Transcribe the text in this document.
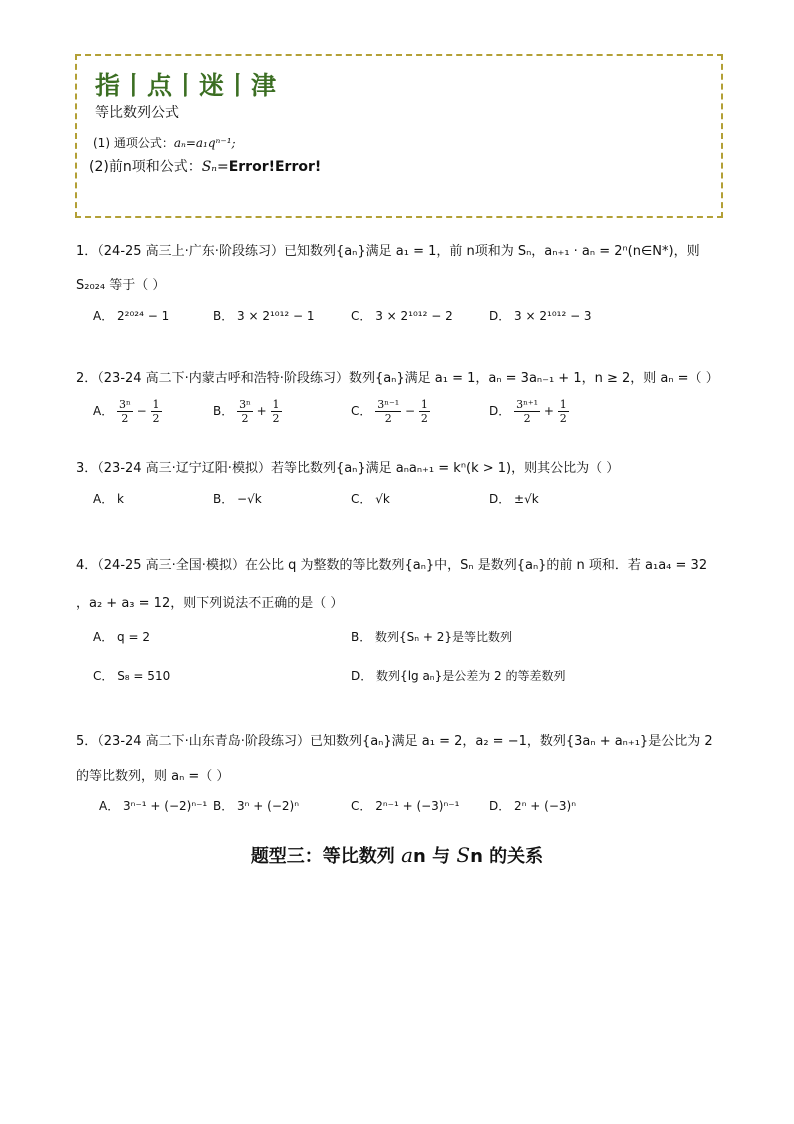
指丨点丨迷丨津
等比数列公式
(1) 通项公式：aₙ=a₁qⁿ⁻¹;
(2)前n项和公式：Sₙ=Error!Error!
1．（24-25 高三上·广东·阶段练习）已知数列{aₙ}满足 a₁ = 1，前 n项和为 Sₙ，aₙ₊₁ · aₙ = 2ⁿ(n∈N*)，则
S₂₀₂₄ 等于（ ）
A． 2²⁰²⁴ − 1	B． 3 × 2¹⁰¹² − 1	C． 3 × 2¹⁰¹² − 2	D． 3 × 2¹⁰¹² − 3
2．（23-24 高二下·内蒙古呼和浩特·阶段练习）数列{aₙ}满足 a₁ = 1，aₙ = 3aₙ₋₁ + 1，n ≥ 2，则 aₙ =（ ）
A． $\frac{\text{3ⁿ}}{2} - \frac{1}{2}$	B． $\frac{\text{3ⁿ}}{2} + \frac{1}{2}$	C． $\frac{\text{3ⁿ⁻¹}}{2} - \frac{1}{2}$	D． $\frac{\text{3ⁿ⁺¹}}{2} + \frac{1}{2}$
3．（23-24 高三·辽宁辽阳·模拟）若等比数列{aₙ}满足 aₙaₙ₊₁ = kⁿ(k > 1)，则其公比为（ ）
A． k	B． −√k	C． √k	D． ±√k
4．（24-25 高三·全国·模拟）在公比 q 为整数的等比数列{aₙ}中，Sₙ 是数列{aₙ}的前 n 项和．若 a₁a₄ = 32
，a₂ + a₃ = 12，则下列说法不正确的是（ ）
A． q = 2	B． 数列{Sₙ + 2}是等比数列
C． S₈ = 510	D． 数列{lg aₙ}是公差为 2 的等差数列
5．（23-24 高二下·山东青岛·阶段练习）已知数列{aₙ}满足 a₁ = 2，a₂ = −1，数列{3aₙ + aₙ₊₁}是公比为 2
的等比数列，则 aₙ =（ ）
A． 3ⁿ⁻¹ + (−2)ⁿ⁻¹ B． 3ⁿ + (−2)ⁿ	C． 2ⁿ⁻¹ + (−3)ⁿ⁻¹ D． 2ⁿ + (−3)ⁿ
题型三：等比数列 an 与 Sn 的关系
